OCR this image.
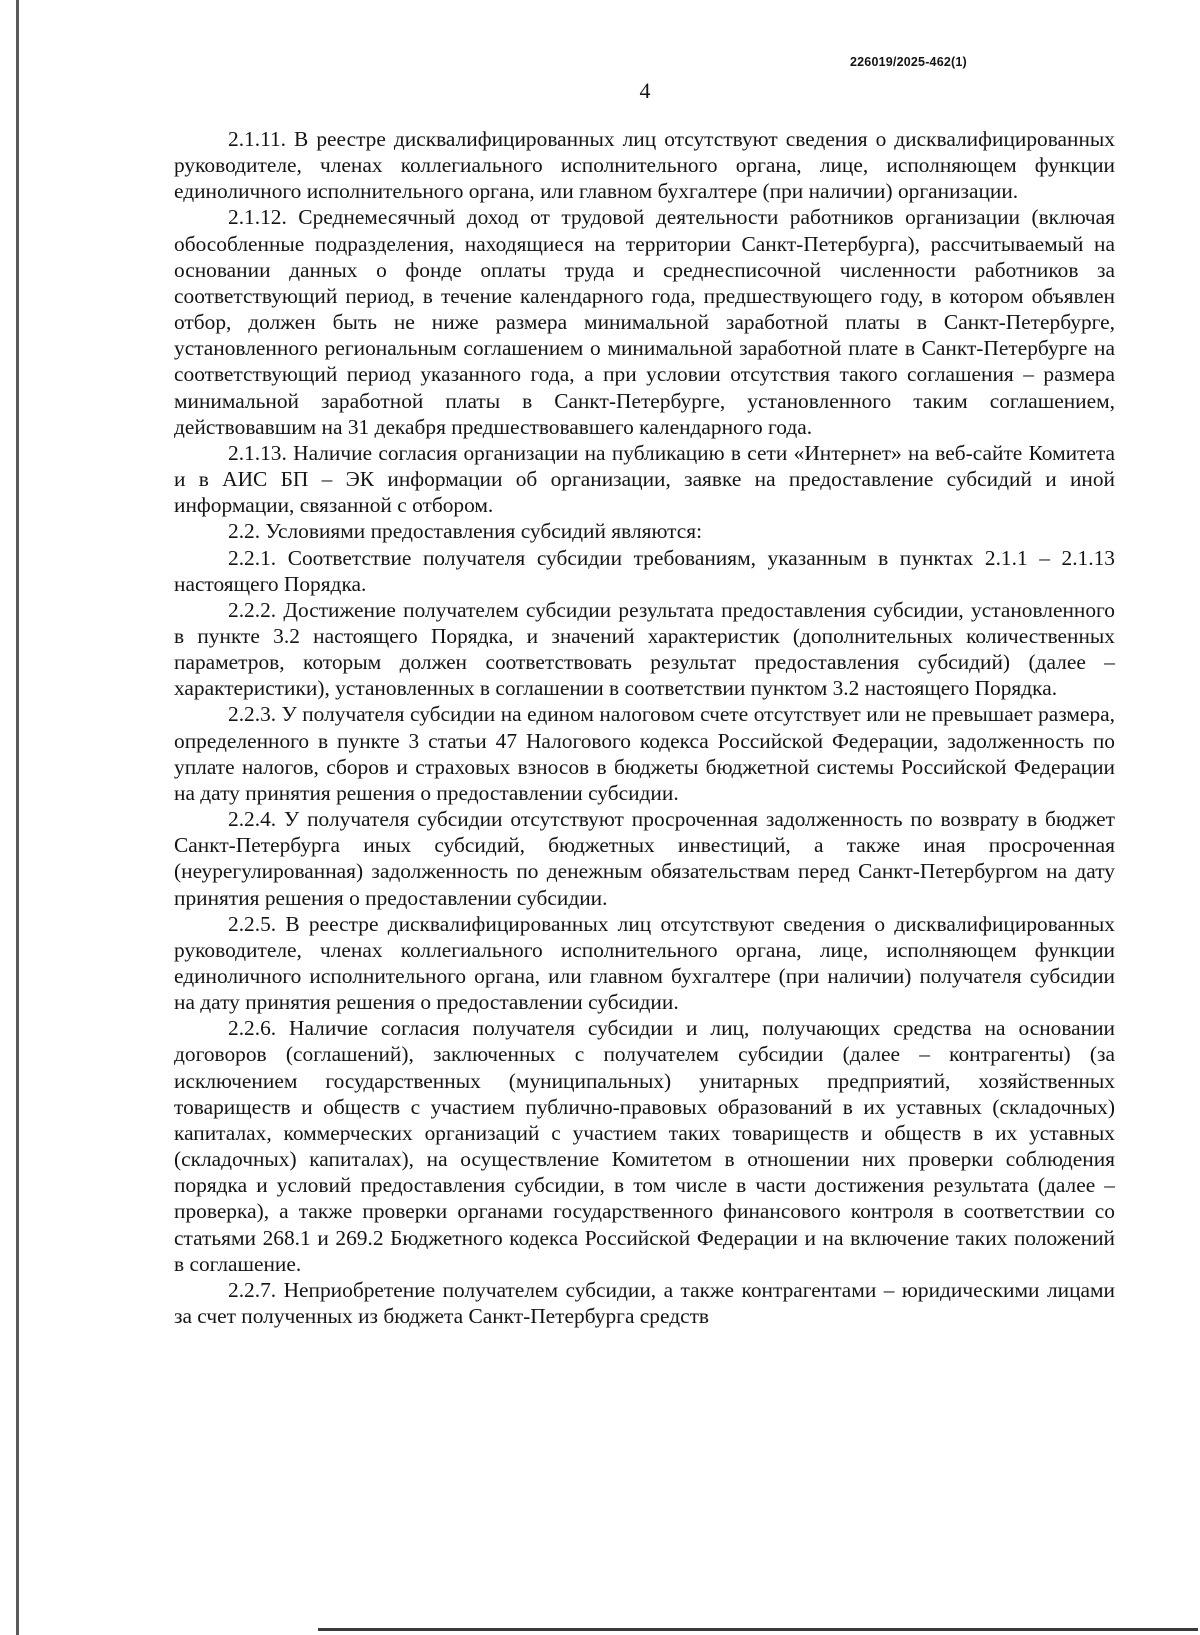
226019/2025-462(1)
4

2.1.11. В реестре дисквалифицированных лиц отсутствуют сведения о дисквалифицированных руководителе, членах коллегиального исполнительного органа, лице, исполняющем функции единоличного исполнительного органа, или главном бухгалтере (при наличии) организации.

2.1.12. Среднемесячный доход от трудовой деятельности работников организации (включая обособленные подразделения, находящиеся на территории Санкт-Петербурга), рассчитываемый на основании данных о фонде оплаты труда и среднесписочной численности работников за соответствующий период, в течение календарного года, предшествующего году, в котором объявлен отбор, должен быть не ниже размера минимальной заработной платы в Санкт-Петербурге, установленного региональным соглашением о минимальной заработной плате в Санкт-Петербурге на соответствующий период указанного года, а при условии отсутствия такого соглашения – размера минимальной заработной платы в Санкт-Петербурге, установленного таким соглашением, действовавшим на 31 декабря предшествовавшего календарного года.

2.1.13. Наличие согласия организации на публикацию в сети «Интернет» на веб-сайте Комитета и в АИС БП – ЭК информации об организации, заявке на предоставление субсидий и иной информации, связанной с отбором.

2.2. Условиями предоставления субсидий являются:

2.2.1. Соответствие получателя субсидии требованиям, указанным в пунктах 2.1.1 – 2.1.13 настоящего Порядка.

2.2.2. Достижение получателем субсидии результата предоставления субсидии, установленного в пункте 3.2 настоящего Порядка, и значений характеристик (дополнительных количественных параметров, которым должен соответствовать результат предоставления субсидий) (далее – характеристики), установленных в соглашении в соответствии пунктом 3.2 настоящего Порядка.

2.2.3. У получателя субсидии на едином налоговом счете отсутствует или не превышает размера, определенного в пункте 3 статьи 47 Налогового кодекса Российской Федерации, задолженность по уплате налогов, сборов и страховых взносов в бюджеты бюджетной системы Российской Федерации на дату принятия решения о предоставлении субсидии.

2.2.4. У получателя субсидии отсутствуют просроченная задолженность по возврату в бюджет Санкт-Петербурга иных субсидий, бюджетных инвестиций, а также иная просроченная (неурегулированная) задолженность по денежным обязательствам перед Санкт-Петербургом на дату принятия решения о предоставлении субсидии.

2.2.5. В реестре дисквалифицированных лиц отсутствуют сведения о дисквалифицированных руководителе, членах коллегиального исполнительного органа, лице, исполняющем функции единоличного исполнительного органа, или главном бухгалтере (при наличии) получателя субсидии на дату принятия решения о предоставлении субсидии.

2.2.6. Наличие согласия получателя субсидии и лиц, получающих средства на основании договоров (соглашений), заключенных с получателем субсидии (далее – контрагенты) (за исключением государственных (муниципальных) унитарных предприятий, хозяйственных товариществ и обществ с участием публично-правовых образований в их уставных (складочных) капиталах, коммерческих организаций с участием таких товариществ и обществ в их уставных (складочных) капиталах), на осуществление Комитетом в отношении них проверки соблюдения порядка и условий предоставления субсидии, в том числе в части достижения результата (далее – проверка), а также проверки органами государственного финансового контроля в соответствии со статьями 268.1 и 269.2 Бюджетного кодекса Российской Федерации и на включение таких положений в соглашение.

2.2.7. Неприобретение получателем субсидии, а также контрагентами – юридическими лицами за счет полученных из бюджета Санкт-Петербурга средств
